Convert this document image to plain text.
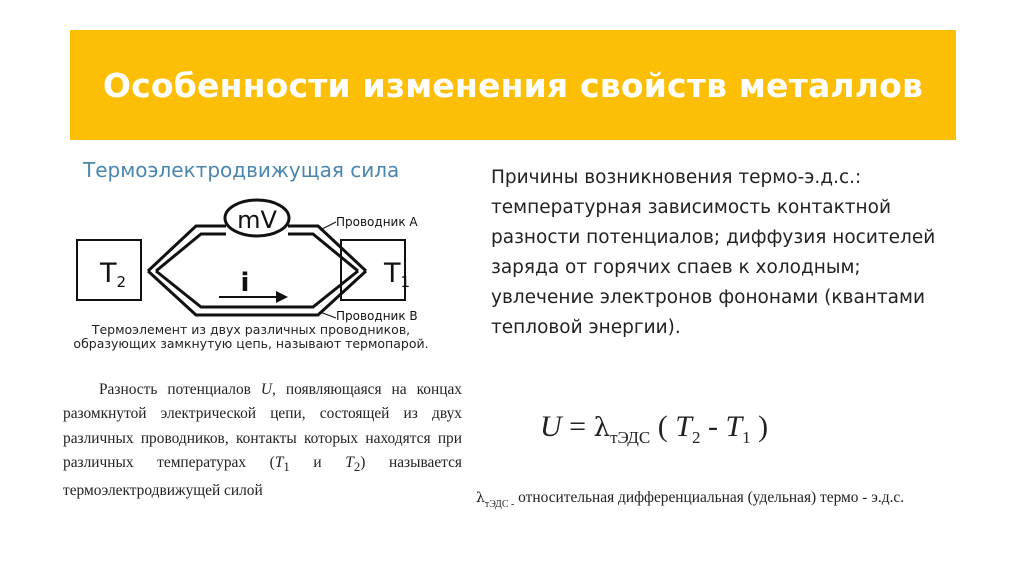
Особенности изменения свойств металлов
Термоэлектродвижущая сила
mV
i
T2	T1
Проводник А
Проводник В
Термоэлемент из двух различных проводников,
образующих замкнутую цепь, называют термопарой.
Причины возникновения термо-э.д.с.:
температурная зависимость контактной
разности потенциалов; диффузия носителей
заряда от горячих спаев к холодным;
увлечение электронов фононами (квантами
тепловой энергии).
Разность потенциалов U, появляющаяся на концах разомкнутой электрической цепи, состоящей из двух различных проводников, контакты которых находятся при различных температурах ($T_1$ и $T_2$) называется термоэлектродвижущей силой
$U = \lambda_{тЭДС}$ ( $T_2 - T_1$ )
$\lambda_{тЭДС -}$ относительная дифференциальная (удельная) термо - э.д.с.
